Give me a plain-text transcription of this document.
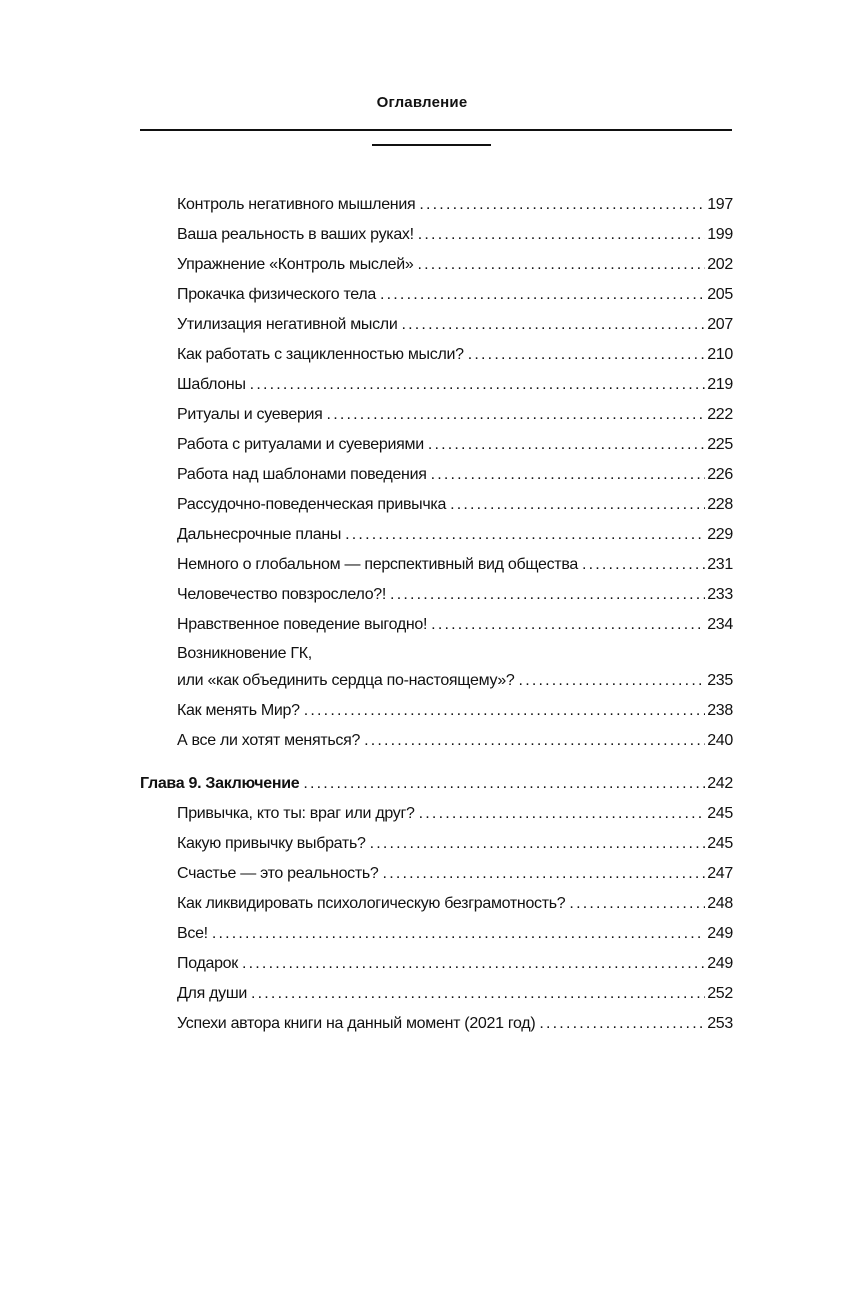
Оглавление
Контроль негативного мышления .....	197
Ваша реальность в ваших руках! .....	199
Упражнение «Контроль мыслей» .....	202
Прокачка физического тела .....	205
Утилизация негативной мысли .....	207
Как работать с зацикленностью мысли? .....	210
Шаблоны .....	219
Ритуалы и суеверия .....	222
Работа с ритуалами и суевериями .....	225
Работа над шаблонами поведения .....	226
Рассудочно-поведенческая привычка .....	228
Дальнесрочные планы .....	229
Немного о глобальном — перспективный вид общества .....	231
Человечество повзрослело?! .....	233
Нравственное поведение выгодно! .....	234
Возникновение ГК,
или «как объединить сердца по-настоящему»? .....	235
Как менять Мир? .....	238
А все ли хотят меняться? .....	240
Глава 9. Заключение .....	242
Привычка, кто ты: враг или друг? .....	245
Какую привычку выбрать? .....	245
Счастье — это реальность? .....	247
Как ликвидировать психологическую безграмотность? .....	248
Все! .....	249
Подарок .....	249
Для души .....	252
Успехи автора книги на данный момент (2021 год) .....	253
